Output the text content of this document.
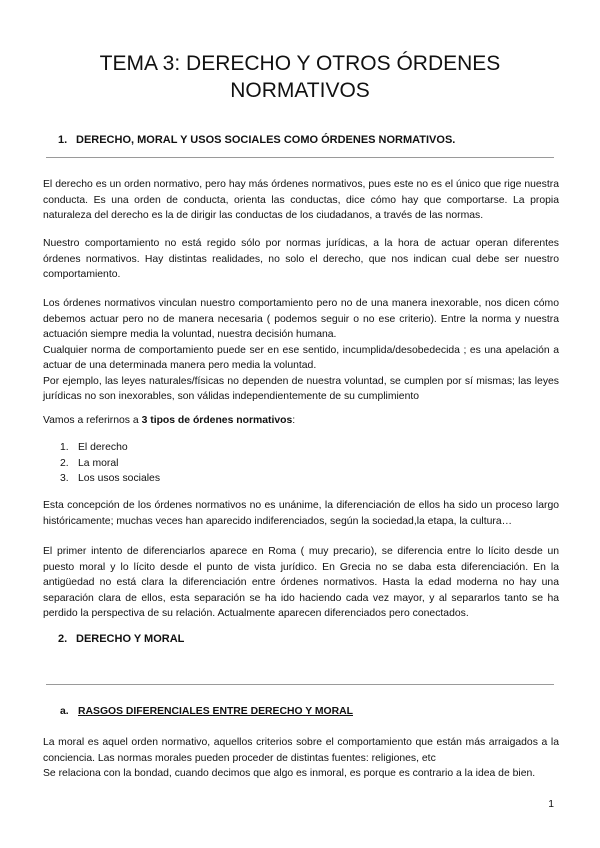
TEMA 3: DERECHO Y OTROS ÓRDENES
NORMATIVOS
1. DERECHO, MORAL Y USOS SOCIALES COMO ÓRDENES NORMATIVOS.

El derecho es un orden normativo, pero hay más órdenes normativos, pues este no es el único que rige nuestra conducta. Es una orden de conducta, orienta las conductas, dice cómo hay que comportarse. La propia naturaleza del derecho es la de dirigir las conductas de los ciudadanos, a través de las normas.

Nuestro comportamiento no está regido sólo por normas jurídicas, a la hora de actuar operan diferentes órdenes normativos. Hay distintas realidades, no solo el derecho, que nos indican cual debe ser nuestro comportamiento.

Los órdenes normativos vinculan nuestro comportamiento pero no de una manera inexorable, nos dicen cómo debemos actuar pero no de manera necesaria ( podemos seguir o no ese criterio). Entre la norma y nuestra actuación siempre media la voluntad, nuestra decisión humana.
Cualquier norma de comportamiento puede ser en ese sentido, incumplida/desobedecida ; es una apelación a actuar de una determinada manera pero media la voluntad.
Por ejemplo, las leyes naturales/físicas no dependen de nuestra voluntad, se cumplen por sí mismas; las leyes jurídicas no son inexorables, son válidas independientemente de su cumplimiento

Vamos a referirnos a 3 tipos de órdenes normativos:

1. El derecho
2. La moral
3. Los usos sociales

Esta concepción de los órdenes normativos no es unánime, la diferenciación de ellos ha sido un proceso largo históricamente; muchas veces han aparecido indiferenciados, según la sociedad,la etapa, la cultura…

El primer intento de diferenciarlos aparece en Roma ( muy precario), se diferencia entre lo lícito desde un puesto moral y lo lícito desde el punto de vista jurídico. En Grecia no se daba esta diferenciación. En la antigüedad no está clara la diferenciación entre órdenes normativos. Hasta la edad moderna no hay una separación clara de ellos, esta separación se ha ido haciendo cada vez mayor, y al separarlos tanto se ha perdido la perspectiva de su relación. Actualmente aparecen diferenciados pero conectados.

2. DERECHO Y MORAL
a. RASGOS DIFERENCIALES ENTRE DERECHO Y MORAL

La moral es aquel orden normativo, aquellos criterios sobre el comportamiento que están más arraigados a la conciencia. Las normas morales pueden proceder de distintas fuentes: religiones, etc
Se relaciona con la bondad, cuando decimos que algo es inmoral, es porque es contrario a la idea de bien.

1
